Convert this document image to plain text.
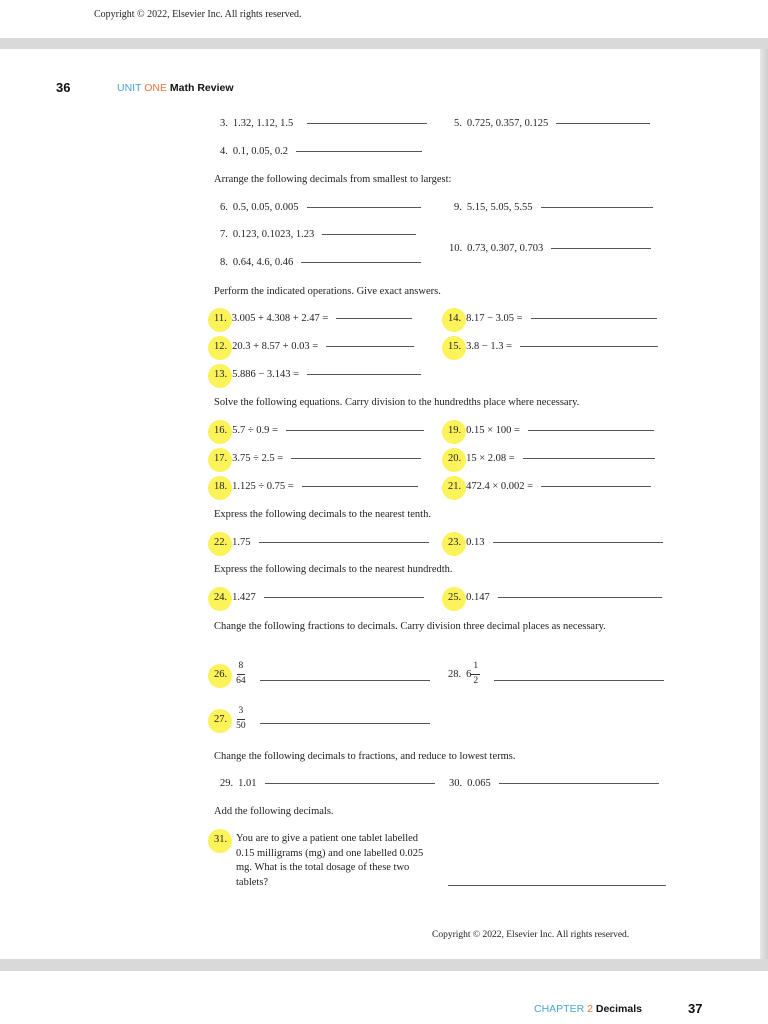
Copyright © 2022, Elsevier Inc. All rights reserved.
36	UNIT ONE Math Review
3. 1.32, 1.12, 1.5	5. 0.725, 0.357, 0.125
4. 0.1, 0.05, 0.2
Arrange the following decimals from smallest to largest:
6. 0.5, 0.05, 0.005	9. 5.15, 5.05, 5.55
7. 0.123, 0.1023, 1.23
10. 0.73, 0.307, 0.703
8. 0.64, 4.6, 0.46
Perform the indicated operations. Give exact answers.
11. 3.005 + 4.308 + 2.47 =	14. 8.17 − 3.05 =
12. 20.3 + 8.57 + 0.03 =	15. 3.8 − 1.3 =
13. 5.886 − 3.143 =
Solve the following equations. Carry division to the hundredths place where necessary.
16. 5.7 ÷ 0.9 =	19. 0.15 × 100 =
17. 3.75 ÷ 2.5 =	20. 15 × 2.08 =
18. 1.125 ÷ 0.75 =	21. 472.4 × 0.002 =
Express the following decimals to the nearest tenth.
22. 1.75	23. 0.13
Express the following decimals to the nearest hundredth.
24. 1.427	25. 0.147
Change the following fractions to decimals. Carry division three decimal places as necessary.
26. $\frac{8}{64}$	28. $6 \frac{1}{2}$
27. $\frac{3}{50}$
Change the following decimals to fractions, and reduce to lowest terms.
29. 1.01	30. 0.065
Add the following decimals.
31. You are to give a patient one tablet labelled 0.15 milligrams (mg) and one labelled 0.025 mg. What is the total dosage of these two tablets?
Copyright © 2022, Elsevier Inc. All rights reserved.
CHAPTER 2 Decimals	37
